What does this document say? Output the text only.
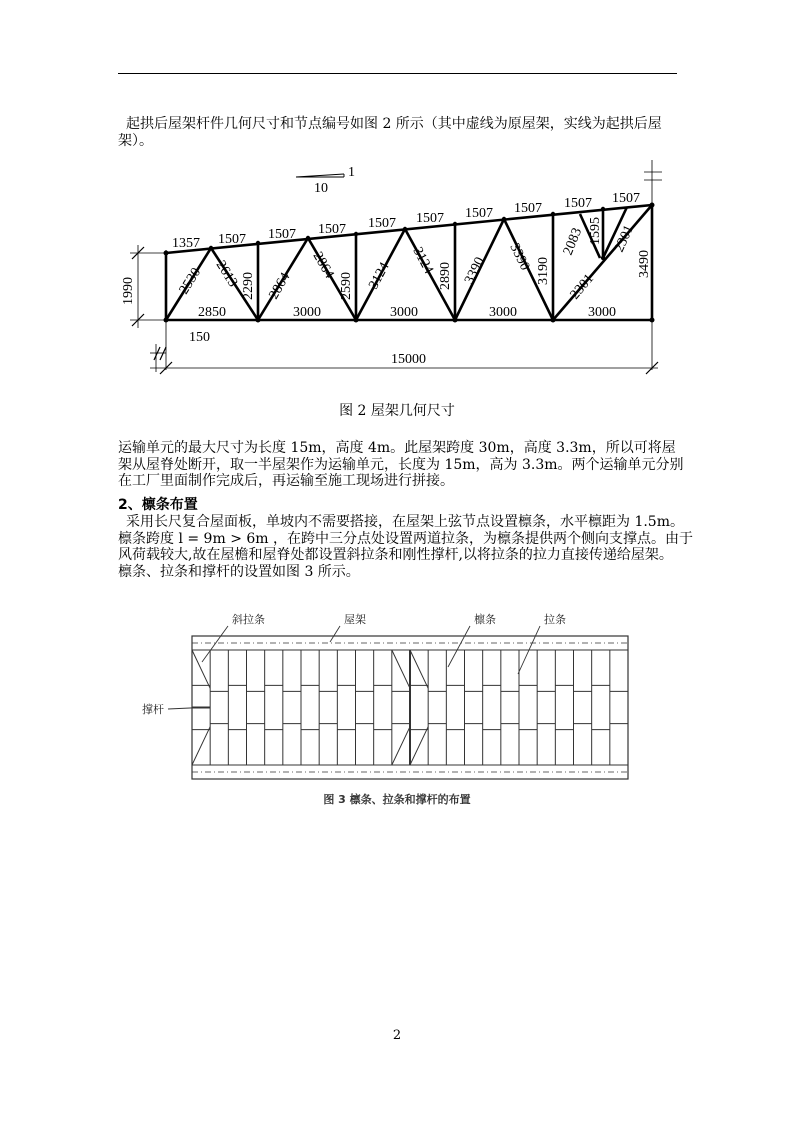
起拱后屋架杆件几何尺寸和节点编号如图 2 所示（其中虚线为原屋架，实线为起拱后屋
架）。
1
10
1357 1507 1507 1507 1507 1507 1507 1507 1507 1507
2850	3000	3000	3000	3000
2530 2613 2290 2864
2864
2590 3124 3124 2890 3390 3390 3190
2083 1595 2301
2301
3490
1990
150
15000
图 2 屋架几何尺寸
运输单元的最大尺寸为长度 15m，高度 4m。此屋架跨度 30m，高度 3.3m，所以可将屋
架从屋脊处断开，取一半屋架作为运输单元，长度为 15m，高为 3.3m。两个运输单元分别
在工厂里面制作完成后，再运输至施工现场进行拼接。
2、檩条布置
采用长尺复合屋面板，单坡内不需要搭接，在屋架上弦节点设置檩条，水平檩距为 1.5m。
檩条跨度 l = 9m > 6m ，在跨中三分点处设置两道拉条，为檩条提供两个侧向支撑点。由于
风荷载较大,故在屋檐和屋脊处都设置斜拉条和刚性撑杆,以将拉条的拉力直接传递给屋架。
檩条、拉条和撑杆的设置如图 3 所示。
斜拉条	屋架	檩条	拉条
撑杆
图 3 檩条、拉条和撑杆的布置
2
